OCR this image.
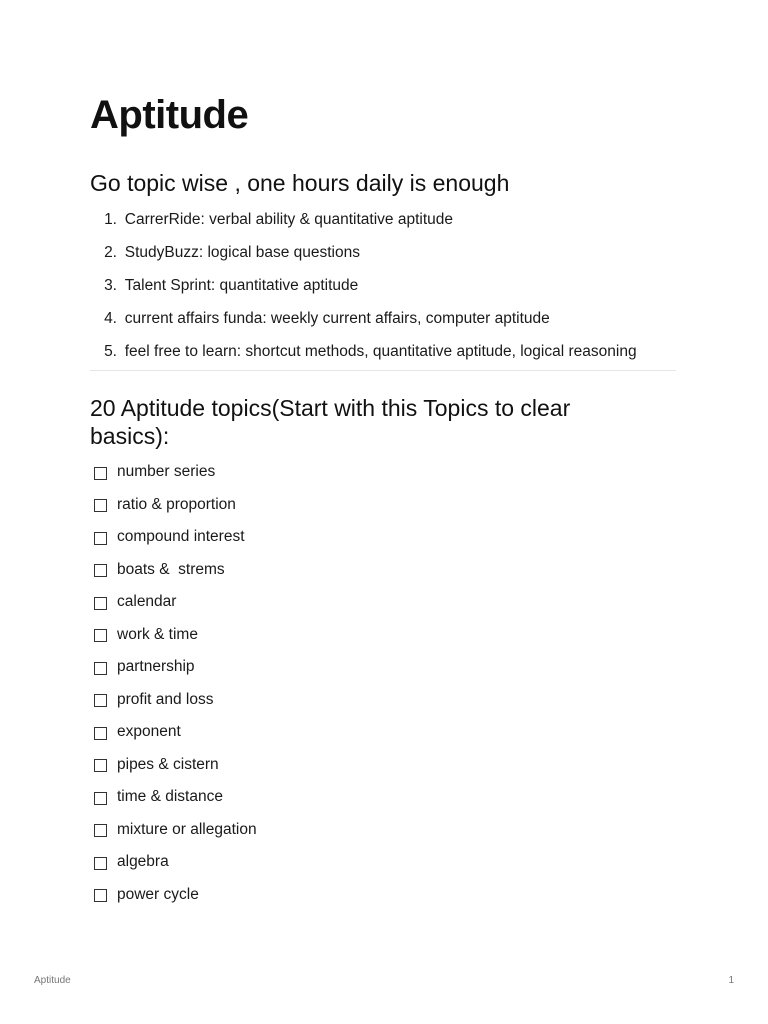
Aptitude
Go topic wise , one hours daily is enough
1. CarrerRide: verbal ability & quantitative aptitude
2. StudyBuzz: logical base questions
3. Talent Sprint: quantitative aptitude
4. current affairs funda: weekly current affairs, computer aptitude
5. feel free to learn: shortcut methods, quantitative aptitude, logical reasoning
20 Aptitude topics(Start with this Topics to clear basics):
number series
ratio & proportion
compound interest
boats &  strems
calendar
work & time
partnership
profit and loss
exponent
pipes & cistern
time & distance
mixture or allegation
algebra
power cycle
Aptitude	1
